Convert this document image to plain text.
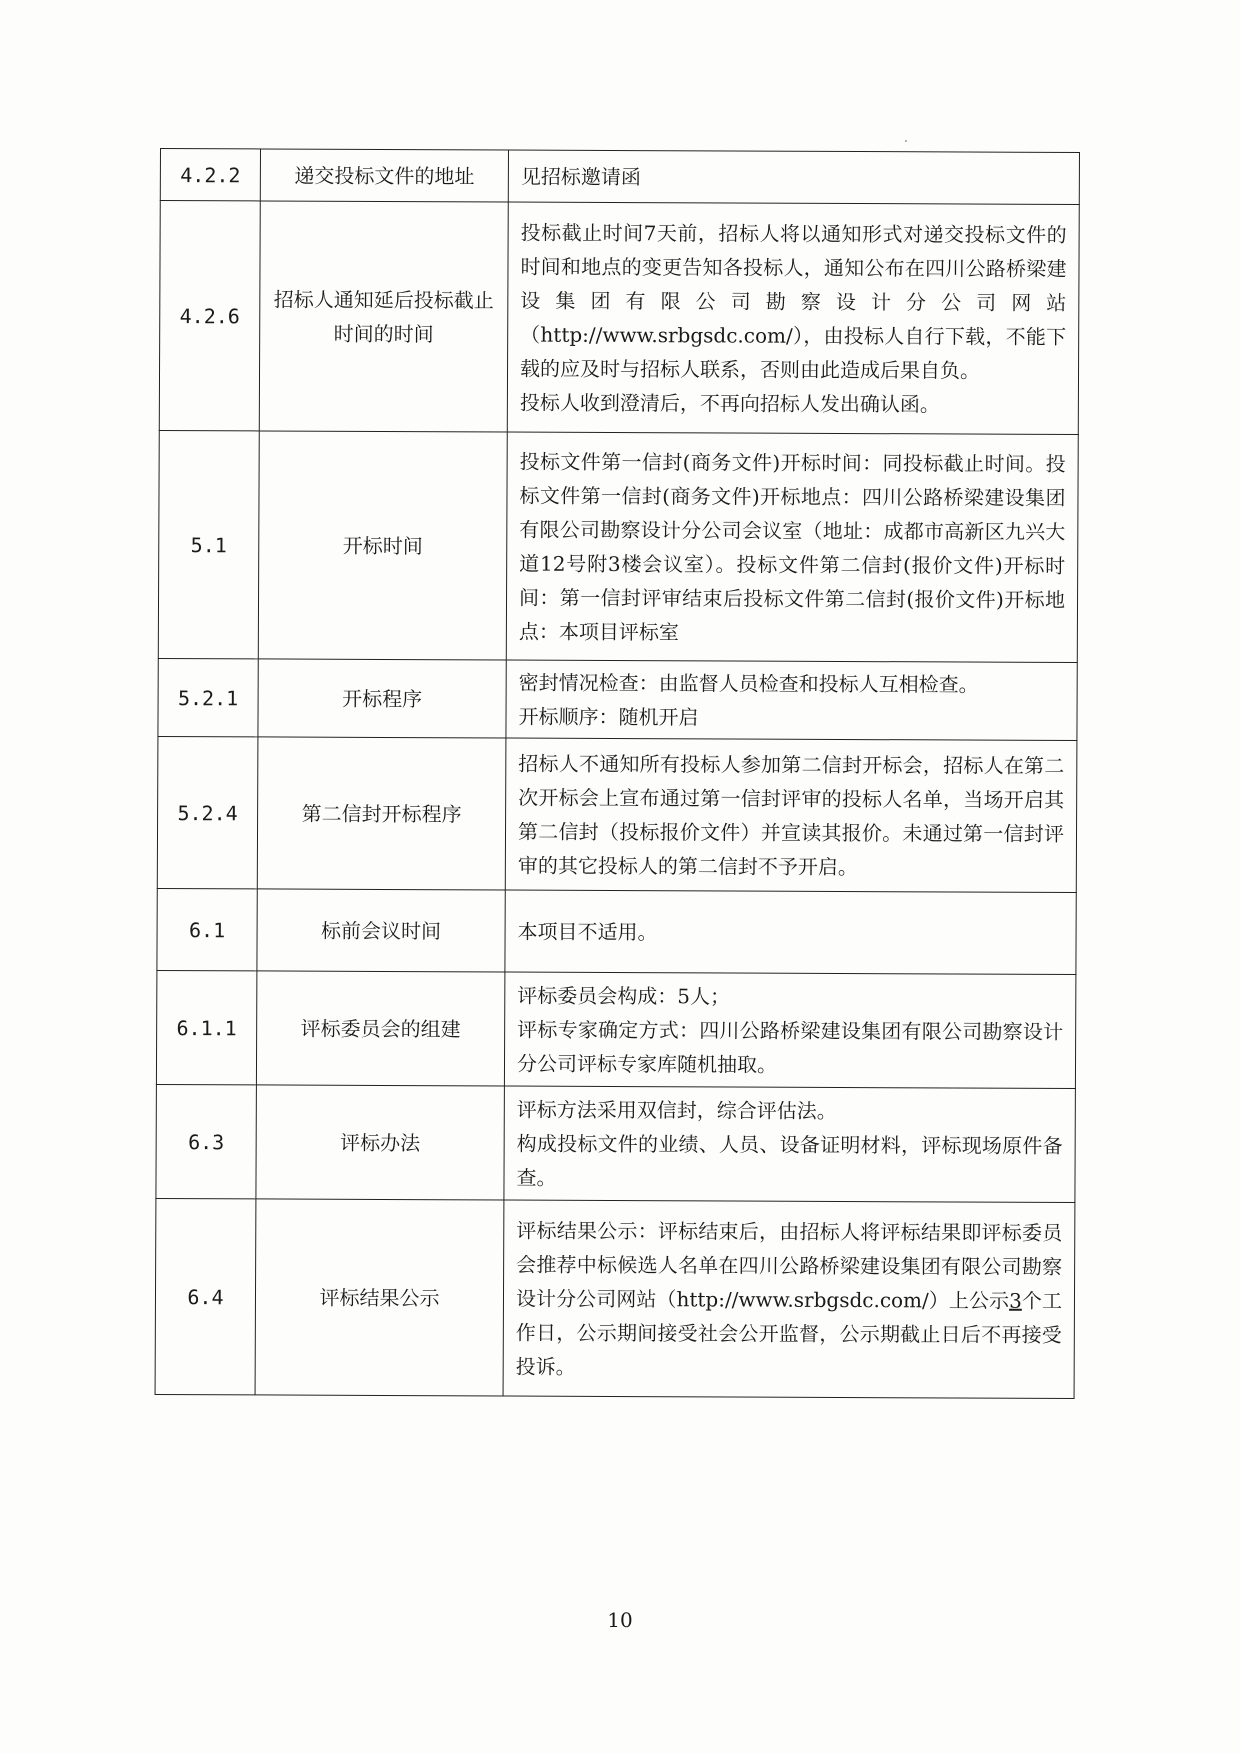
4.2.2	递交投标文件的地址	见招标邀请函

4.2.6	招标人通知延后投标截止时间的时间	投标截止时间7天前，招标人将以通知形式对递交投标文件的时间和地点的变更告知各投标人，通知公布在四川公路桥梁建设集团有限公司勘察设计分公司网站（http://www.srbgsdc.com/），由投标人自行下载，不能下载的应及时与招标人联系，否则由此造成后果自负。
投标人收到澄清后，不再向招标人发出确认函。

5.1	开标时间	投标文件第一信封(商务文件)开标时间：同投标截止时间。投标文件第一信封(商务文件)开标地点：四川公路桥梁建设集团有限公司勘察设计分公司会议室（地址：成都市高新区九兴大道12号附3楼会议室）。投标文件第二信封(报价文件)开标时间：第一信封评审结束后投标文件第二信封(报价文件)开标地点：本项目评标室

5.2.1	开标程序	密封情况检查：由监督人员检查和投标人互相检查。
开标顺序：随机开启

5.2.4	第二信封开标程序	招标人不通知所有投标人参加第二信封开标会，招标人在第二次开标会上宣布通过第一信封评审的投标人名单，当场开启其第二信封（投标报价文件）并宣读其报价。未通过第一信封评审的其它投标人的第二信封不予开启。

6.1	标前会议时间	本项目不适用。

6.1.1	评标委员会的组建	评标委员会构成：5人；
评标专家确定方式：四川公路桥梁建设集团有限公司勘察设计分公司评标专家库随机抽取。

6.3	评标办法	评标方法采用双信封，综合评估法。
构成投标文件的业绩、人员、设备证明材料，评标现场原件备查。

6.4	评标结果公示	评标结果公示：评标结束后，由招标人将评标结果即评标委员会推荐中标候选人名单在四川公路桥梁建设集团有限公司勘察设计分公司网站（http://www.srbgsdc.com/）上公示3个工作日，公示期间接受社会公开监督，公示期截止日后不再接受投诉。
10
